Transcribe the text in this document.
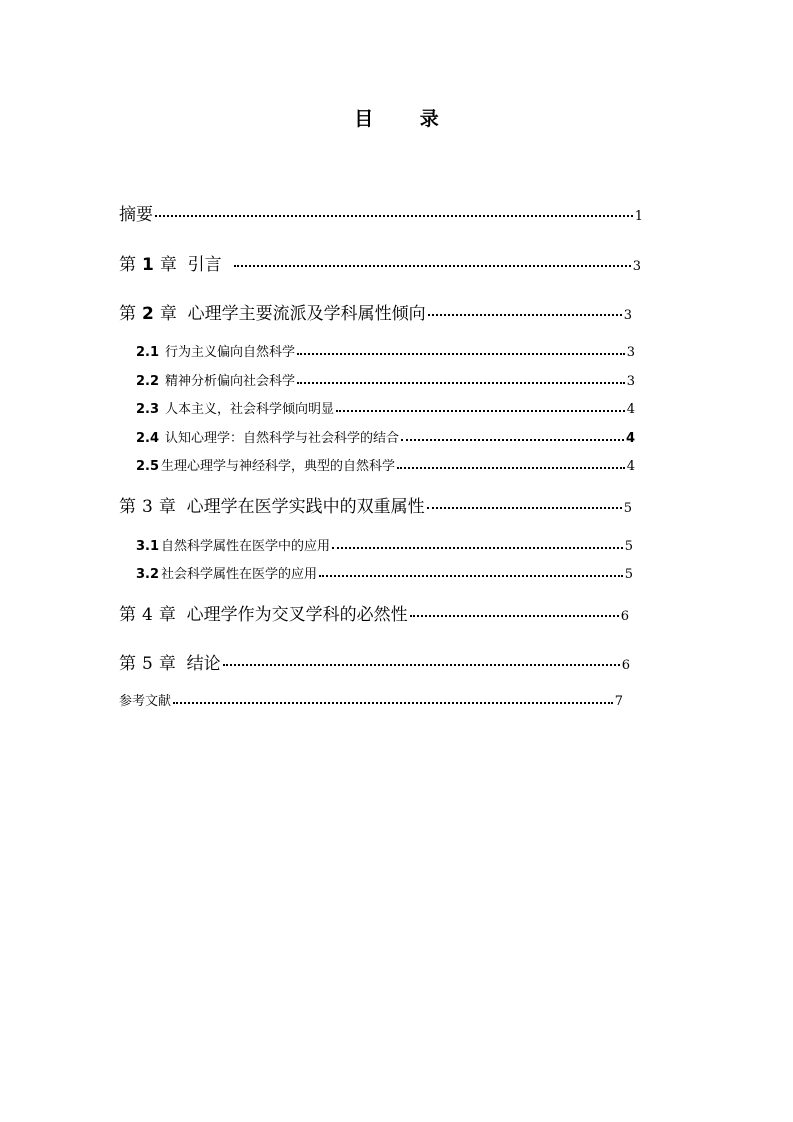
目 录
摘要	1
第 1 章 引言	3
第 2 章 心理学主要流派及学科属性倾向	3
2.1 行为主义偏向自然科学	3
2.2 精神分析偏向社会科学	3
2.3 人本主义，社会科学倾向明显	4
2.4 认知心理学：自然科学与社会科学的结合	4
2.5 生理心理学与神经科学，典型的自然科学	4
第 3 章 心理学在医学实践中的双重属性	5
3.1 自然科学属性在医学中的应用	5
3.2 社会科学属性在医学的应用	5
第 4 章 心理学作为交叉学科的必然性	6
第 5 章 结论	6
参考文献	7
